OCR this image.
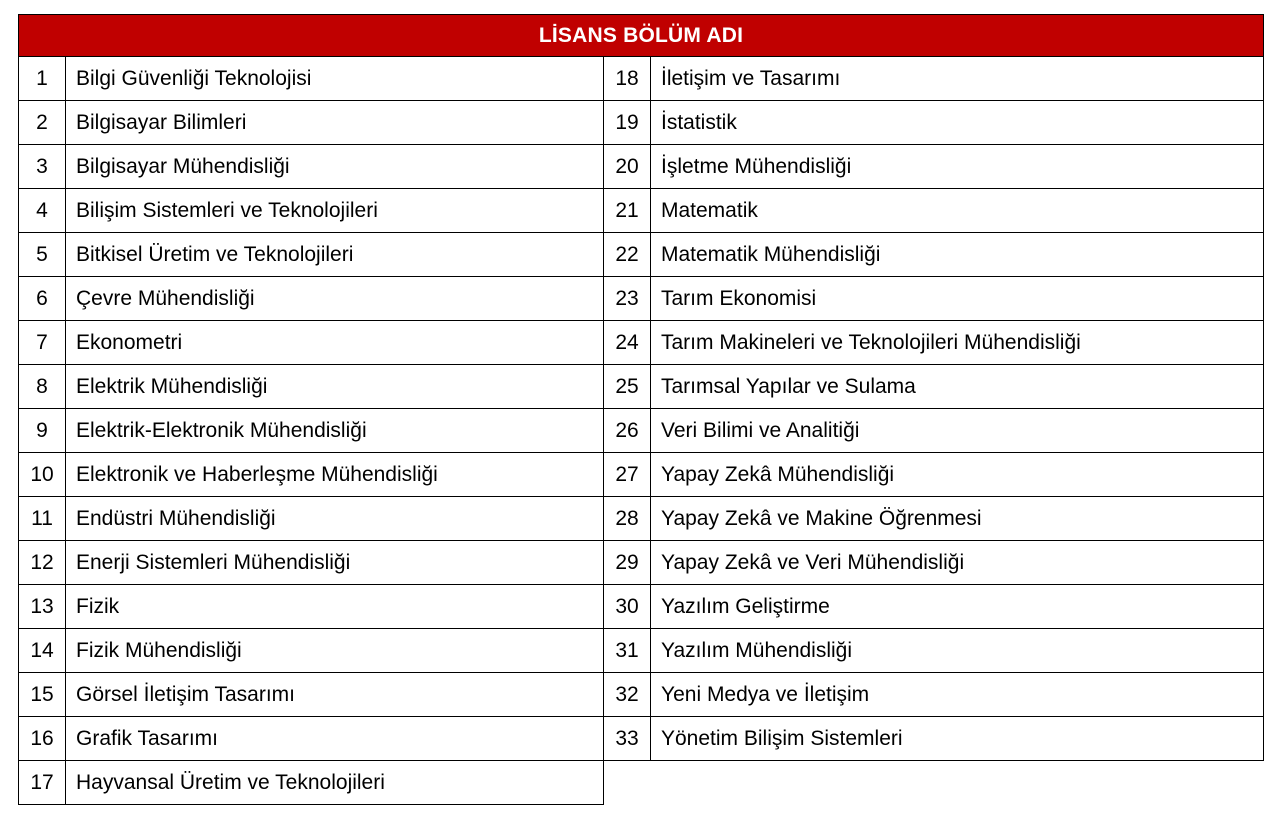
LİSANS BÖLÜM ADI
1	Bilgi Güvenliği Teknolojisi
2	Bilgisayar Bilimleri
3	Bilgisayar Mühendisliği
4	Bilişim Sistemleri ve Teknolojileri
5	Bitkisel Üretim ve Teknolojileri
6	Çevre Mühendisliği
7	Ekonometri
8	Elektrik Mühendisliği
9	Elektrik-Elektronik Mühendisliği
10	Elektronik ve Haberleşme Mühendisliği
11	Endüstri Mühendisliği
12	Enerji Sistemleri Mühendisliği
13	Fizik
14	Fizik Mühendisliği
15	Görsel İletişim Tasarımı
16	Grafik Tasarımı
17	Hayvansal Üretim ve Teknolojileri
18	İletişim ve Tasarımı
19	İstatistik
20	İşletme Mühendisliği
21	Matematik
22	Matematik Mühendisliği
23	Tarım Ekonomisi
24	Tarım Makineleri ve Teknolojileri Mühendisliği
25	Tarımsal Yapılar ve Sulama
26	Veri Bilimi ve Analitiği
27	Yapay Zekâ Mühendisliği
28	Yapay Zekâ ve Makine Öğrenmesi
29	Yapay Zekâ ve Veri Mühendisliği
30	Yazılım Geliştirme
31	Yazılım Mühendisliği
32	Yeni Medya ve İletişim
33	Yönetim Bilişim Sistemleri
